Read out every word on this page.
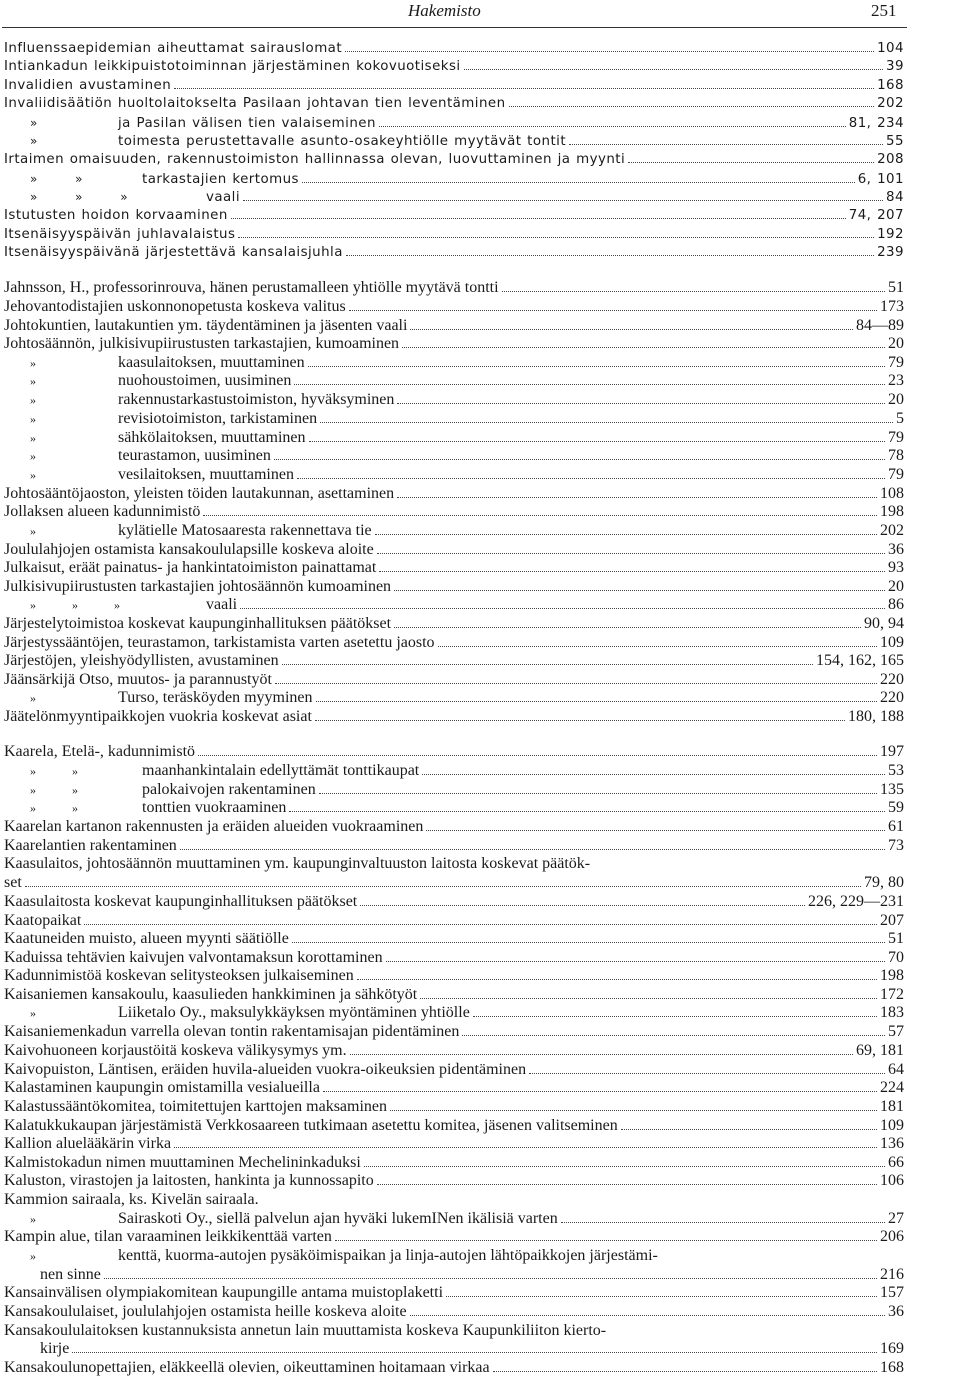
Hakemisto	251
Influenssaepidemian aiheuttamat sairauslomat	104
Intiankadun leikkipuistotoiminnan järjestäminen kokovuotiseksi	39
Invalidien avustaminen	168
Invaliidisäätiön huoltolaitokselta Pasilaan johtavan tien leventäminen	202
»	ja Pasilan välisen tien valaiseminen	81, 234
»	toimesta perustettavalle asunto-osakeyhtiölle myytävät tontit	55
Irtaimen omaisuuden, rakennustoimiston hallinnassa olevan, luovuttaminen ja myynti	208
»   »	tarkastajien kertomus	6, 101
»   »   »	vaali	84
Istutusten hoidon korvaaminen	74, 207
Itsenäisyyspäivän juhlavalaistus	192
Itsenäisyyspäivänä järjestettävä kansalaisjuhla	239
Jahnsson, H., professorinrouva, hänen perustamalleen yhtiölle myytävä tontti	51
Jehovantodistajien uskonnonopetusta koskeva valitus	173
Johtokuntien, lautakuntien ym. täydentäminen ja jäsenten vaali	84—89
Johtosäännön, julkisivupiirustusten tarkastajien, kumoaminen	20
»	kaasulaitoksen, muuttaminen	79
»	nuohoustoimen, uusiminen	23
»	rakennustarkastustoimiston, hyväksyminen	20
»	revisiotoimiston, tarkistaminen	5
»	sähkölaitoksen, muuttaminen	79
»	teurastamon, uusiminen	78
»	vesilaitoksen, muuttaminen	79
Johtosääntöjaoston, yleisten töiden lautakunnan, asettaminen	108
Jollaksen alueen kadunnimistö	198
»	kylätielle Matosaaresta rakennettava tie	202
Joululahjojen ostamista kansakoululapsille koskeva aloite	36
Julkaisut, eräät painatus- ja hankintatoimiston painattamat	93
Julkisivupiirustusten tarkastajien johtosäännön kumoaminen	20
»   »   »	vaali	86
Järjestelytoimistoa koskevat kaupunginhallituksen päätökset	90, 94
Järjestyssääntöjen, teurastamon, tarkistamista varten asetettu jaosto	109
Järjestöjen, yleishyödyllisten, avustaminen	154, 162, 165
Jäänsärkijä Otso, muutos- ja parannustyöt	220
»	Turso, teräsköyden myyminen	220
Jäätelönmyyntipaikkojen vuokria koskevat asiat	180, 188
Kaarela, Etelä-, kadunnimistö	197
»   »	maanhankintalain edellyttämät tonttikaupat	53
»   »	palokaivojen rakentaminen	135
»   »	tonttien vuokraaminen	59
Kaarelan kartanon rakennusten ja eräiden alueiden vuokraaminen	61
Kaarelantien rakentaminen	73
Kaasulaitos, johtosäännön muuttaminen ym. kaupunginvaltuuston laitosta koskevat päätök-
set	79, 80
Kaasulaitosta koskevat kaupunginhallituksen päätökset	226, 229—231
Kaatopaikat	207
Kaatuneiden muisto, alueen myynti säätiölle	51
Kaduissa tehtävien kaivujen valvontamaksun korottaminen	70
Kadunnimistöä koskevan selitysteoksen julkaiseminen	198
Kaisaniemen kansakoulu, kaasulieden hankkiminen ja sähkötyöt	172
»	Liiketalo Oy., maksulykkäyksen myöntäminen yhtiölle	183
Kaisaniemenkadun varrella olevan tontin rakentamisajan pidentäminen	57
Kaivohuoneen korjaustöitä koskeva välikysymys ym.	69, 181
Kaivopuiston, Läntisen, eräiden huvila-alueiden vuokra-oikeuksien pidentäminen	64
Kalastaminen kaupungin omistamilla vesialueilla	224
Kalastussääntökomitea, toimitettujen karttojen maksaminen	181
Kalatukkukaupan järjestämistä Verkkosaareen tutkimaan asetettu komitea, jäsenen valitseminen	109
Kallion aluelääkärin virka	136
Kalmistokadun nimen muuttaminen Mechelininkaduksi	66
Kaluston, virastojen ja laitosten, hankinta ja kunnossapito	106
Kammion sairaala, ks. Kivelän sairaala.
»	Sairaskoti Oy., siellä palvelun ajan hyväki lukemINen ikälisiä varten	27
Kampin alue, tilan varaaminen leikkikenttää varten	206
»	kenttä, kuorma-autojen pysäköimispaikan ja linja-autojen lähtöpaikkojen järjestämi-
nen sinne	216
Kansainvälisen olympiakomitean kaupungille antama muistoplaketti	157
Kansakoululaiset, joululahjojen ostamista heille koskeva aloite	36
Kansakoululaitoksen kustannuksista annetun lain muuttamista koskeva Kaupunkiliiton kierto-
kirje	169
Kansakoulunopettajien, eläkkeellä olevien, oikeuttaminen hoitamaan virkaa	168
